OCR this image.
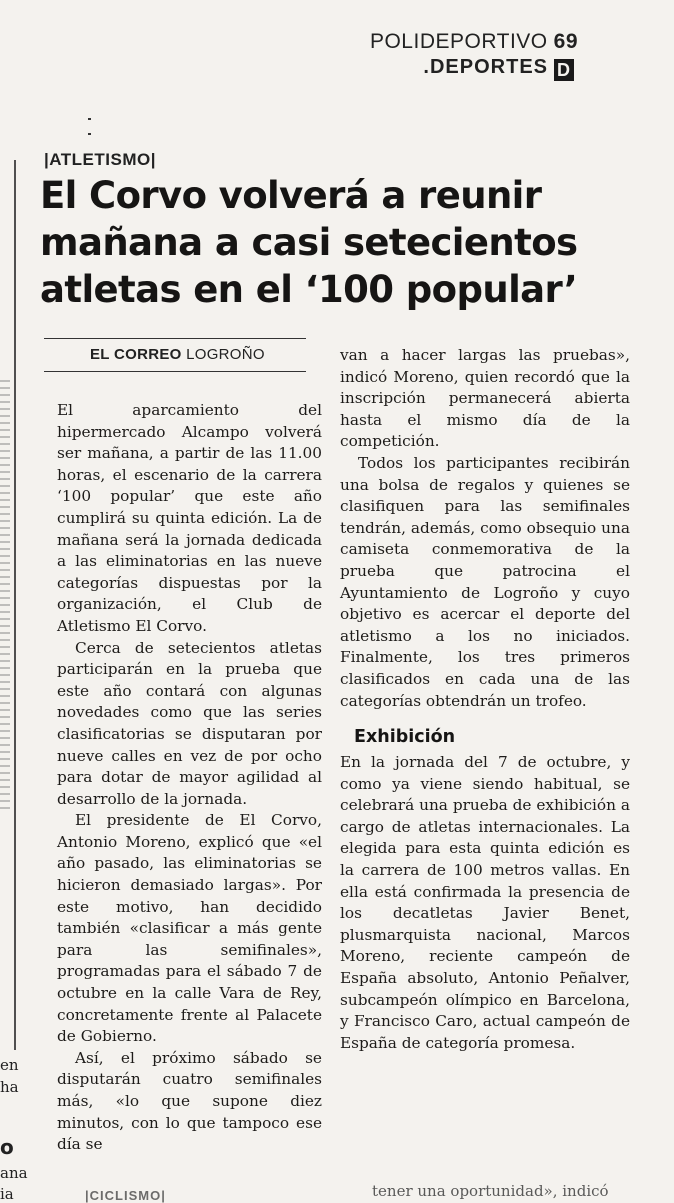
POLIDEPORTIVO 69
.DEPORTES D
|ATLETISMO|
El Corvo volverá a reunir
mañana a casi setecientos
atletas en el ‘100 popular’
EL CORREO LOGROÑO

El aparcamiento del hipermercado Alcampo volverá ser mañana, a partir de las 11.00 horas, el escenario de la carrera ‘100 popular’ que este año cumplirá su quinta edición. La de mañana será la jornada dedicada a las eliminatorias en las nueve categorías dispuestas por la organización, el Club de Atletismo El Corvo.

Cerca de setecientos atletas participarán en la prueba que este año contará con algunas novedades como que las series clasificatorias se disputaran por nueve calles en vez de por ocho para dotar de mayor agilidad al desarrollo de la jornada.

El presidente de El Corvo, Antonio Moreno, explicó que «el año pasado, las eliminatorias se hicieron demasiado largas». Por este motivo, han decidido también «clasificar a más gente para las semifinales», programadas para el sábado 7 de octubre en la calle Vara de Rey, concretamente frente al Palacete de Gobierno.

Así, el próximo sábado se disputarán cuatro semifinales más, «lo que supone diez minutos, con lo que tampoco ese día se

van a hacer largas las pruebas», indicó Moreno, quien recordó que la inscripción permanecerá abierta hasta el mismo día de la competición.

Todos los participantes recibirán una bolsa de regalos y quienes se clasifiquen para las semifinales tendrán, además, como obsequio una camiseta conmemorativa de la prueba que patrocina el Ayuntamiento de Logroño y cuyo objetivo es acercar el deporte del atletismo a los no iniciados. Finalmente, los tres primeros clasificados en cada una de las categorías obtendrán un trofeo.

Exhibición

En la jornada del 7 de octubre, y como ya viene siendo habitual, se celebrará una prueba de exhibición a cargo de atletas internacionales. La elegida para esta quinta edición es la carrera de 100 metros vallas. En ella está confirmada la presencia de los decatletas Javier Benet, plusmarquista nacional, Marcos Moreno, reciente campeón de España absoluto, Antonio Peñalver, subcampeón olímpico en Barcelona, y Francisco Caro, actual campeón de España de categoría promesa.

en
ha
o
ana
ia	|CICLISMO|	tener una oportunidad», indicó
